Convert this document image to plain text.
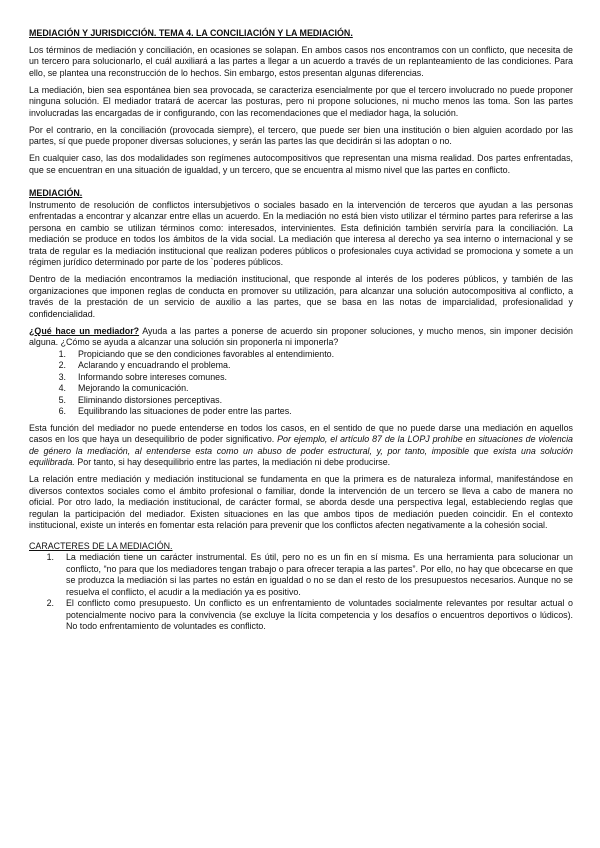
MEDIACIÓN Y JURISDICCIÓN. TEMA 4. LA CONCILIACIÓN Y LA MEDIACIÓN.

Los términos de mediación y conciliación, en ocasiones se solapan. En ambos casos nos encontramos con un conflicto, que necesita de un tercero para solucionarlo, el cuál auxiliará a las partes a llegar a un acuerdo a través de un replanteamiento de las condiciones. Para ello, se plantea una reconstrucción de lo hechos. Sin embargo, estos presentan algunas diferencias.

La mediación, bien sea espontánea bien sea provocada, se caracteriza esencialmente por que el tercero involucrado no puede proponer ninguna solución. El mediador tratará de acercar las posturas, pero ni propone soluciones, ni mucho menos las toma. Son las partes involucradas las encargadas de ir configurando, con las recomendaciones que el mediador haga, la solución.

Por el contrario, en la conciliación (provocada siempre), el tercero, que puede ser bien una institución o bien alguien acordado por las partes, sí que puede proponer diversas soluciones, y serán las partes las que decidirán si las adoptan o no.

En cualquier caso, las dos modalidades son regímenes autocompositivos que representan una misma realidad. Dos partes enfrentadas, que se encuentran en una situación de igualdad, y un tercero, que se encuentra al mismo nivel que las partes en conflicto.

MEDIACIÓN.

Instrumento de resolución de conflictos intersubjetivos o sociales basado en la intervención de terceros que ayudan a las personas enfrentadas a encontrar y alcanzar entre ellas un acuerdo. En la mediación no está bien visto utilizar el término partes para referirse a las persona en cambio se utilizan términos como: interesados, intervinientes. Esta definición también serviría para la conciliación. La mediación se produce en todos los ámbitos de la vida social. La mediación que interesa al derecho ya sea interno o internacional y se trata de regular es la mediación institucional que realizan poderes públicos o profesionales cuya actividad se promociona y somete a un régimen jurídico determinado por parte de los `poderes públicos.

Dentro de la mediación encontramos la mediación institucional, que responde al interés de los poderes públicos, y también de las organizaciones que imponen reglas de conducta en promover su utilización, para alcanzar una solución autocompositiva al conflicto, a través de la prestación de un servicio de auxilio a las partes, que se basa en las notas de imparcialidad, profesionalidad y confidencialidad.

¿Qué hace un mediador? Ayuda a las partes a ponerse de acuerdo sin proponer soluciones, y mucho menos, sin imponer decisión alguna. ¿Cómo se ayuda a alcanzar una solución sin proponerla ni imponerla?

1.	Propiciando que se den condiciones favorables al entendimiento.
2.	Aclarando y encuadrando el problema.
3.	Informando sobre intereses comunes.
4.	Mejorando la comunicación.
5.	Eliminando distorsiones perceptivas.
6.	Equilibrando las situaciones de poder entre las partes.

Esta función del mediador no puede entenderse en todos los casos, en el sentido de que no puede darse una mediación en aquellos casos en los que haya un desequilibrio de poder significativo. Por ejemplo, el artículo 87 de la LOPJ prohíbe en situaciones de violencia de género la mediación, al entenderse esta como un abuso de poder estructural, y, por tanto, imposible que exista una solución equilibrada. Por tanto, si hay desequilibrio entre las partes, la mediación ni debe producirse.

La relación entre mediación y mediación institucional se fundamenta en que la primera es de naturaleza informal, manifestándose en diversos contextos sociales como el ámbito profesional o familiar, donde la intervención de un tercero se lleva a cabo de manera no oficial. Por otro lado, la mediación institucional, de carácter formal, se aborda desde una perspectiva legal, estableciendo reglas que regulan la participación del mediador. Existen situaciones en las que ambos tipos de mediación pueden coincidir. En el contexto institucional, existe un interés en fomentar esta relación para prevenir que los conflictos afecten negativamente a la cohesión social.

CARACTERES DE LA MEDIACIÓN.

1.	La mediación tiene un carácter instrumental. Es útil, pero no es un fin en sí misma. Es una herramienta para solucionar un conflicto, “no para que los mediadores tengan trabajo o para ofrecer terapia a las partes”. Por ello, no hay que obcecarse en que se produzca la mediación si las partes no están en igualdad o no se dan el resto de los presupuestos necesarios. Aunque no se resuelva el conflicto, el acudir a la mediación ya es positivo.
2.	El conflicto como presupuesto. Un conflicto es un enfrentamiento de voluntades socialmente relevantes por resultar actual o potencialmente nocivo para la convivencia (se excluye la lícita competencia y los desafíos o encuentros deportivos o lúdicos). No todo enfrentamiento de voluntades es conflicto.
